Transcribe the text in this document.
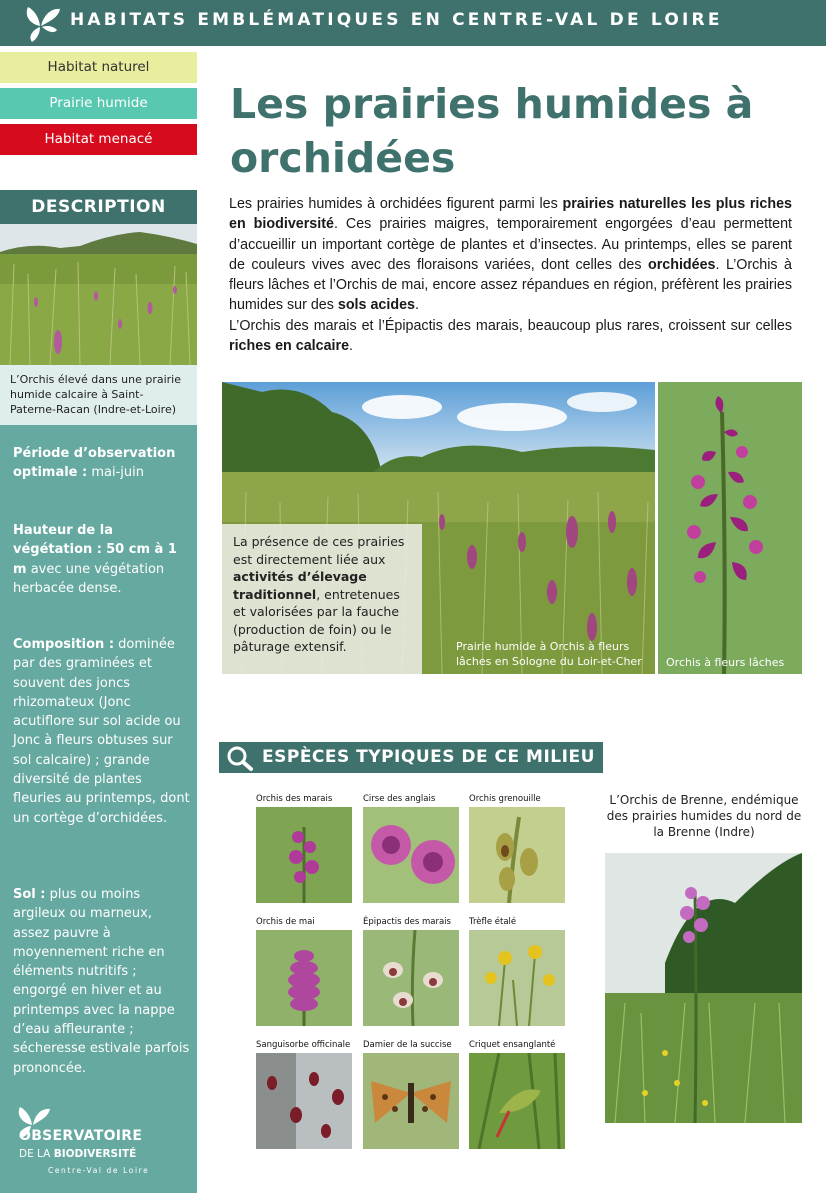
HABITATS EMBLÉMATIQUES EN CENTRE-VAL DE LOIRE
Habitat naturel
Prairie humide
Habitat menacé
DESCRIPTION
L’Orchis élevé dans une prairie humide calcaire à Saint-Paterne-Racan (Indre-et-Loire)
Période d’observation optimale : mai-juin
Hauteur de la végétation : 50 cm à 1 m avec une végétation herbacée dense.
Composition : dominée par des graminées et souvent des joncs rhizomateux (Jonc acutiflore sur sol acide ou Jonc à fleurs obtuses sur sol calcaire) ; grande diversité de plantes fleuries au printemps, dont un cortège d’orchidées.
Sol : plus ou moins argileux ou marneux, assez pauvre à moyennement riche en éléments nutritifs ; engorgé en hiver et au printemps avec la nappe d’eau affleurante ; sécheresse estivale parfois prononcée.
OBSERVATOIRE
DE LA BIODIVERSITÉ
Centre-Val de Loire
Les prairies humides à orchidées

Les prairies humides à orchidées figurent parmi les prairies naturelles les plus riches en biodiversité. Ces prairies maigres, temporairement engorgées d’eau permettent d’accueillir un important cortège de plantes et d’insectes. Au printemps, elles se parent de couleurs vives avec des floraisons variées, dont celles des orchidées. L’Orchis à fleurs lâches et l’Orchis de mai, encore assez répandues en région, préfèrent les prairies humides sur des sols acides.

L’Orchis des marais et l’Épipactis des marais, beaucoup plus rares, croissent sur celles riches en calcaire.

La présence de ces prairies est directement liée aux activités d’élevage traditionnel, entretenues et valorisées par la fauche (production de foin) ou le pâturage extensif.	Prairie humide à Orchis à fleurs lâches en Sologne du Loir-et-Cher	Orchis à fleurs lâches
ESPÈCES TYPIQUES DE CE MILIEU
Orchis des marais	Cirse des anglais	Orchis grenouille
Orchis de mai	Épipactis des marais Trèfle étalé
Sanguisorbe officinale Damier de la succise Criquet ensanglanté
L’Orchis de Brenne, endémique des prairies humides du nord de la Brenne (Indre)
